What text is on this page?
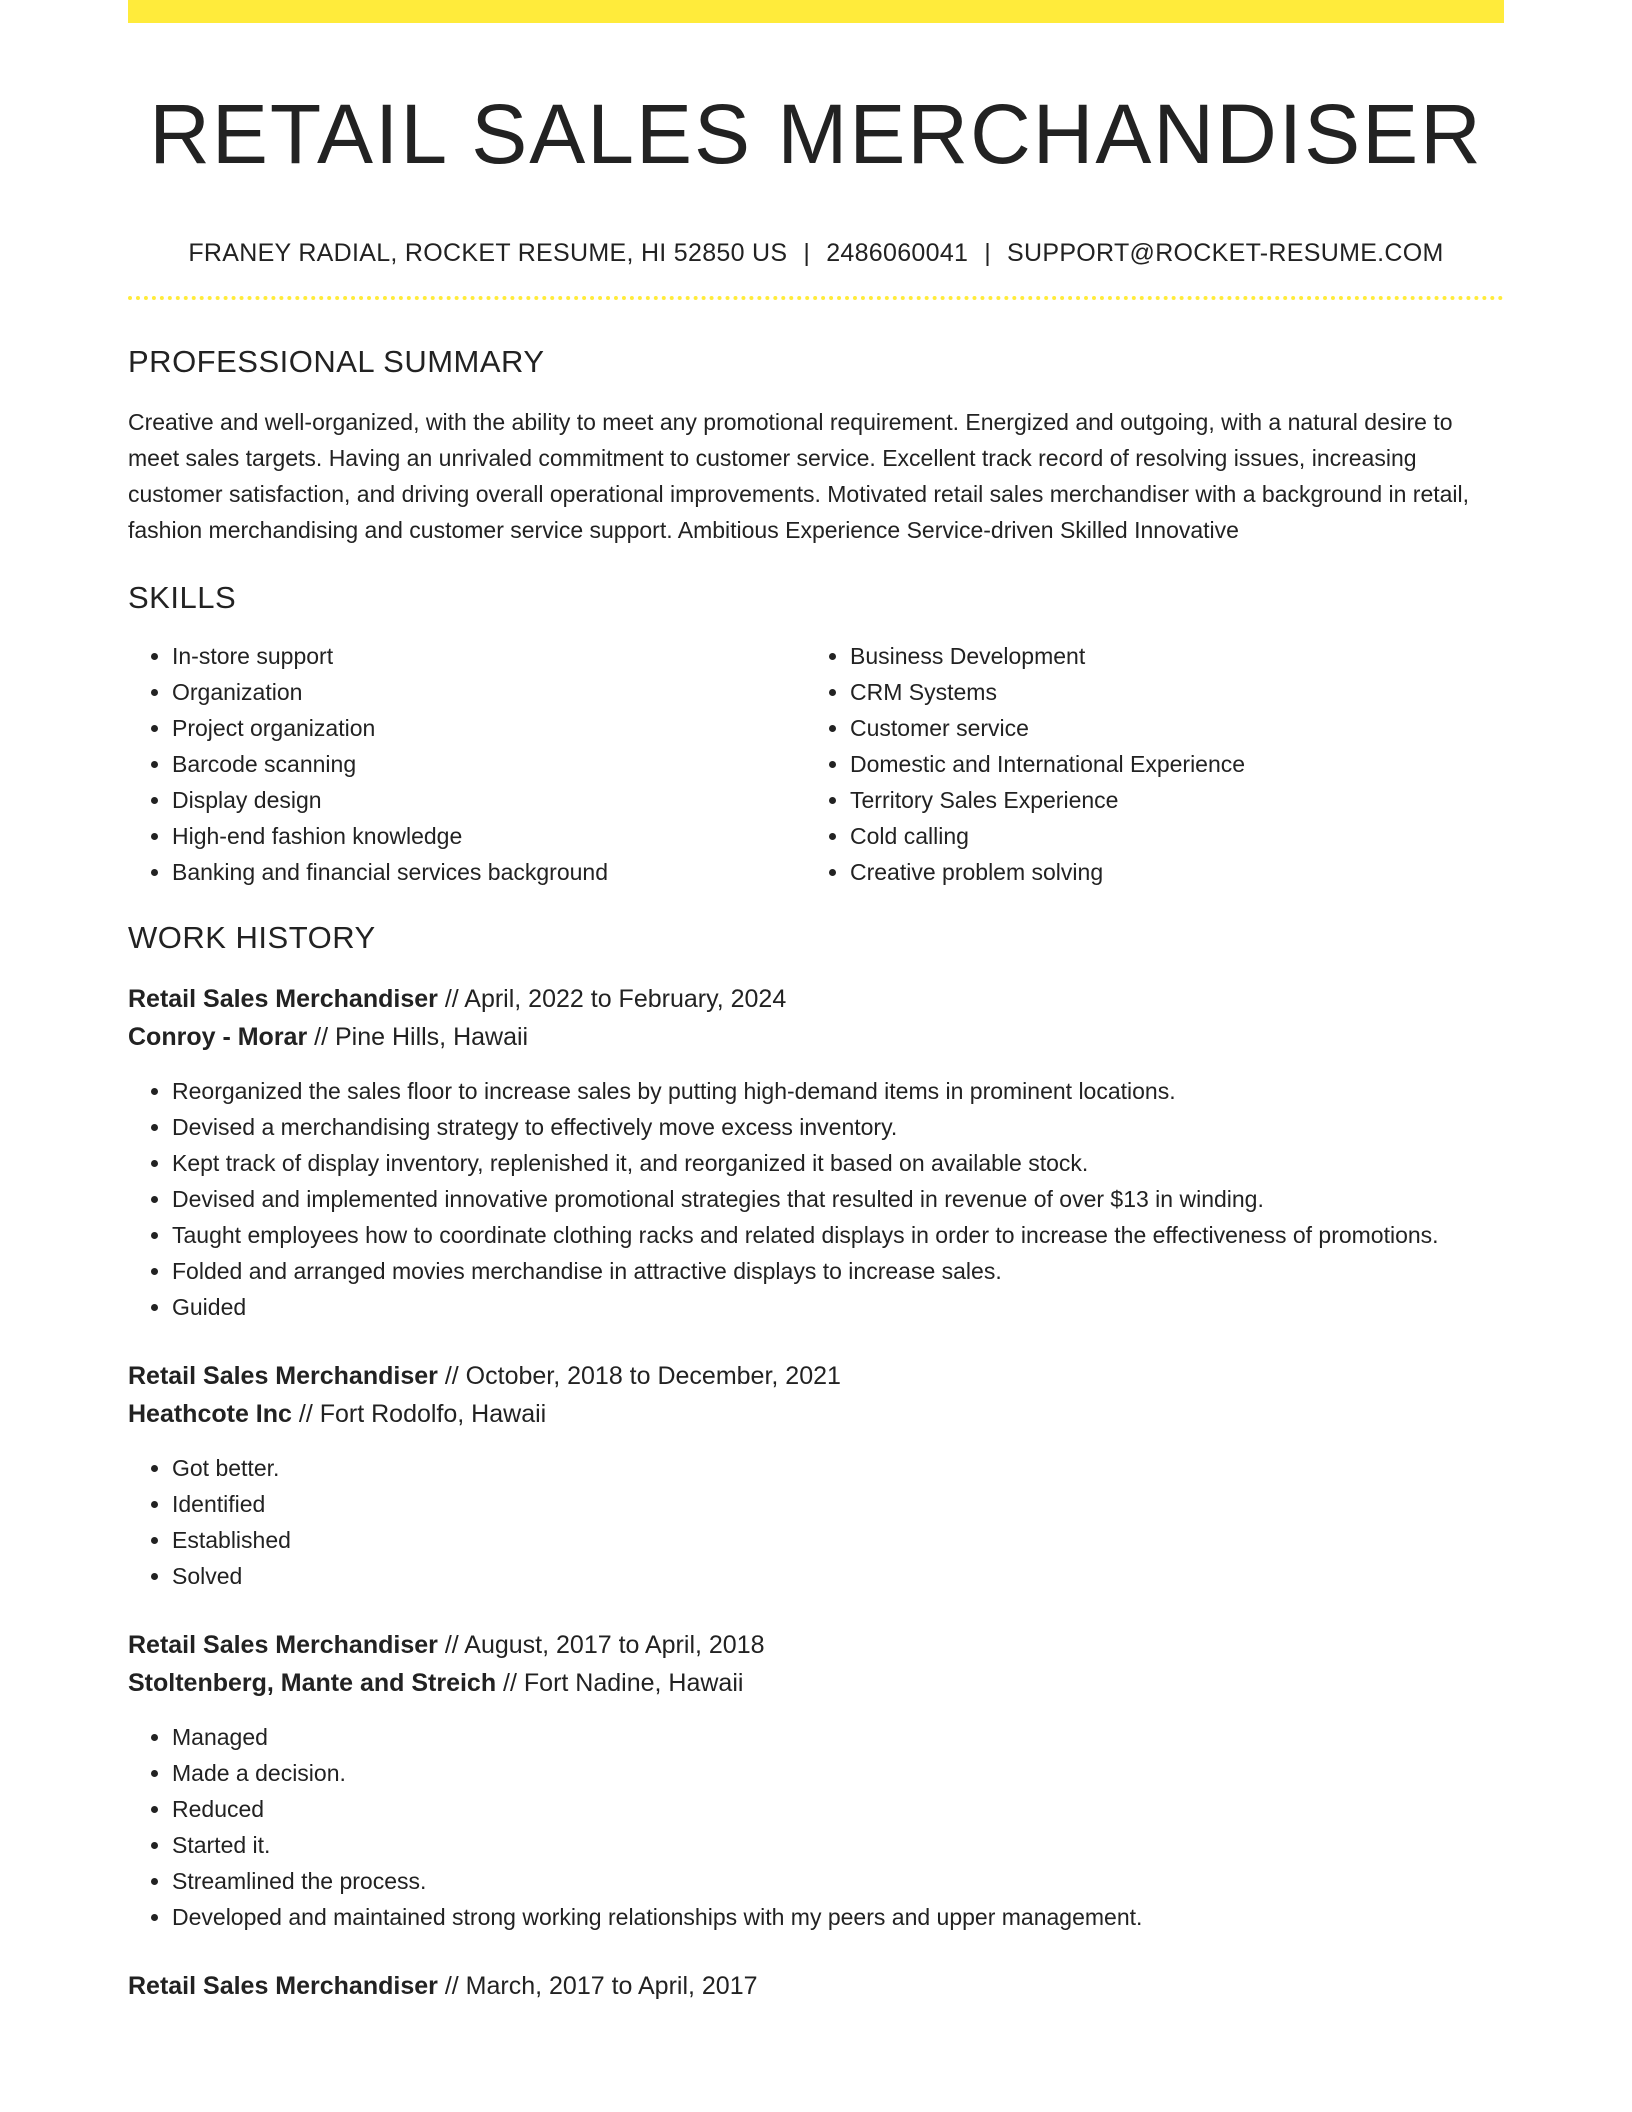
RETAIL SALES MERCHANDISER
FRANEY RADIAL, ROCKET RESUME, HI 52850 US | 2486060041 | SUPPORT@ROCKET-RESUME.COM
PROFESSIONAL SUMMARY
Creative and well-organized, with the ability to meet any promotional requirement. Energized and outgoing, with a natural desire to meet sales targets. Having an unrivaled commitment to customer service. Excellent track record of resolving issues, increasing customer satisfaction, and driving overall operational improvements. Motivated retail sales merchandiser with a background in retail, fashion merchandising and customer service support. Ambitious Experience Service-driven Skilled Innovative
SKILLS
• In-store support
• Organization
• Project organization
• Barcode scanning
• Display design
• High-end fashion knowledge
• Banking and financial services background
• Business Development
• CRM Systems
• Customer service
• Domestic and International Experience
• Territory Sales Experience
• Cold calling
• Creative problem solving
WORK HISTORY
Retail Sales Merchandiser // April, 2022 to February, 2024
Conroy - Morar // Pine Hills, Hawaii
• Reorganized the sales floor to increase sales by putting high-demand items in prominent locations.
• Devised a merchandising strategy to effectively move excess inventory.
• Kept track of display inventory, replenished it, and reorganized it based on available stock.
• Devised and implemented innovative promotional strategies that resulted in revenue of over $13 in winding.
• Taught employees how to coordinate clothing racks and related displays in order to increase the effectiveness of promotions.
• Folded and arranged movies merchandise in attractive displays to increase sales.
• Guided
Retail Sales Merchandiser // October, 2018 to December, 2021
Heathcote Inc // Fort Rodolfo, Hawaii
• Got better.
• Identified
• Established
• Solved
Retail Sales Merchandiser // August, 2017 to April, 2018
Stoltenberg, Mante and Streich // Fort Nadine, Hawaii
• Managed
• Made a decision.
• Reduced
• Started it.
• Streamlined the process.
• Developed and maintained strong working relationships with my peers and upper management.
Retail Sales Merchandiser // March, 2017 to April, 2017
